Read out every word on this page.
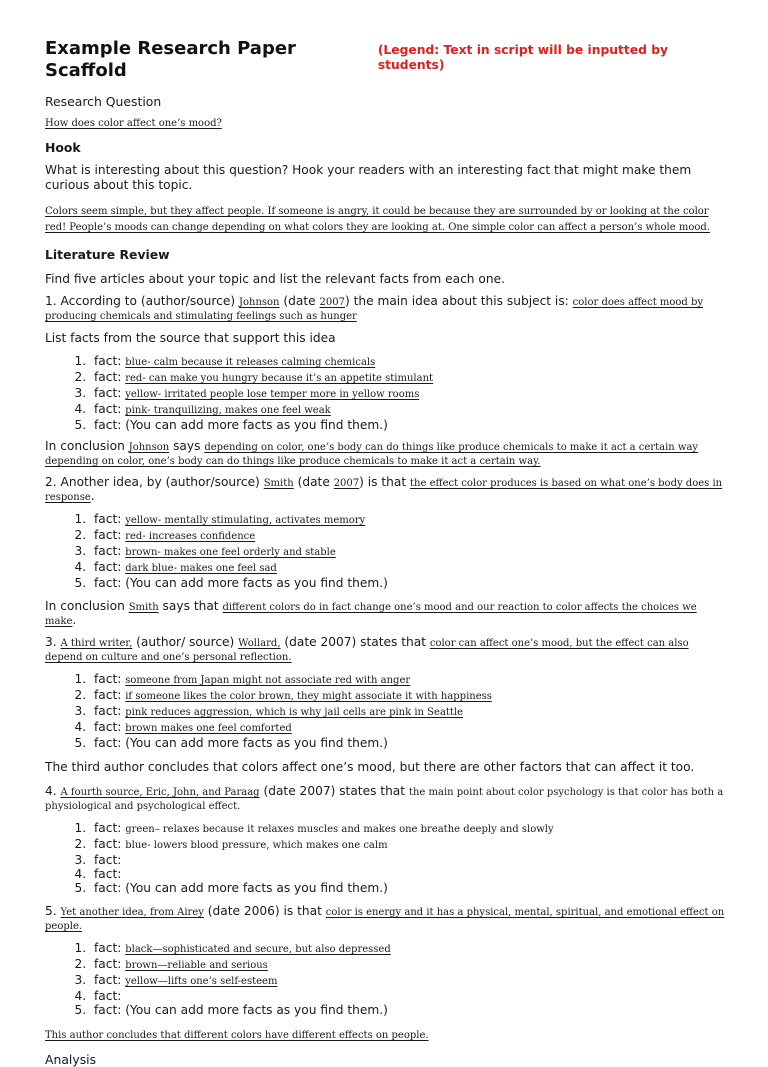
Example Research Paper Scaffold
(Legend: Text in script will be inputted by students)

Research Question

How does color affect one’s mood?

Hook

What is interesting about this question? Hook your readers with an interesting fact that might make them curious about this topic.

Colors seem simple, but they affect people. If someone is angry, it could be because they are surrounded by or looking at the color red! People’s moods can change depending on what colors they are looking at. One simple color can affect a person’s whole mood.

Literature Review

Find five articles about your topic and list the relevant facts from each one.

1. According to (author/source) Johnson (date 2007) the main idea about this subject is: color does affect mood by producing chemicals and stimulating feelings such as hunger

List facts from the source that support this idea

1. fact: blue- calm because it releases calming chemicals
2. fact: red- can make you hungry because it’s an appetite stimulant
3. fact: yellow- irritated people lose temper more in yellow rooms
4. fact: pink- tranquilizing, makes one feel weak
5. fact: (You can add more facts as you find them.)

In conclusion Johnson says depending on color, one’s body can do things like produce chemicals to make it act a certain way depending on color, one’s body can do things like produce chemicals to make it act a certain way.

2. Another idea, by (author/source) Smith (date 2007) is that the effect color produces is based on what one’s body does in response.

1. fact: yellow- mentally stimulating, activates memory
2. fact: red- increases confidence
3. fact: brown- makes one feel orderly and stable
4. fact: dark blue- makes one feel sad
5. fact: (You can add more facts as you find them.)

In conclusion Smith says that different colors do in fact change one’s mood and our reaction to color affects the choices we make.

3. A third writer, (author/ source) Wollard, (date 2007) states that color can affect one’s mood, but the effect can also depend on culture and one’s personal reflection.

1. fact: someone from Japan might not associate red with anger
2. fact: if someone likes the color brown, they might associate it with happiness
3. fact: pink reduces aggression, which is why jail cells are pink in Seattle
4. fact: brown makes one feel comforted
5. fact: (You can add more facts as you find them.)

The third author concludes that colors affect one’s mood, but there are other factors that can affect it too.

4. A fourth source, Eric, John, and Paraag (date 2007) states that the main point about color psychology is that color has both a physiological and psychological effect.

1. fact: green– relaxes because it relaxes muscles and makes one breathe deeply and slowly
2. fact: blue- lowers blood pressure, which makes one calm
3. fact:
4. fact:
5. fact: (You can add more facts as you find them.)

5. Yet another idea, from Airey (date 2006) is that color is energy and it has a physical, mental, spiritual, and emotional effect on people.

1. fact: black—sophisticated and secure, but also depressed
2. fact: brown—reliable and serious
3. fact: yellow—lifts one’s self-esteem
4. fact:
5. fact: (You can add more facts as you find them.)

This author concludes that different colors have different effects on people.

Analysis
